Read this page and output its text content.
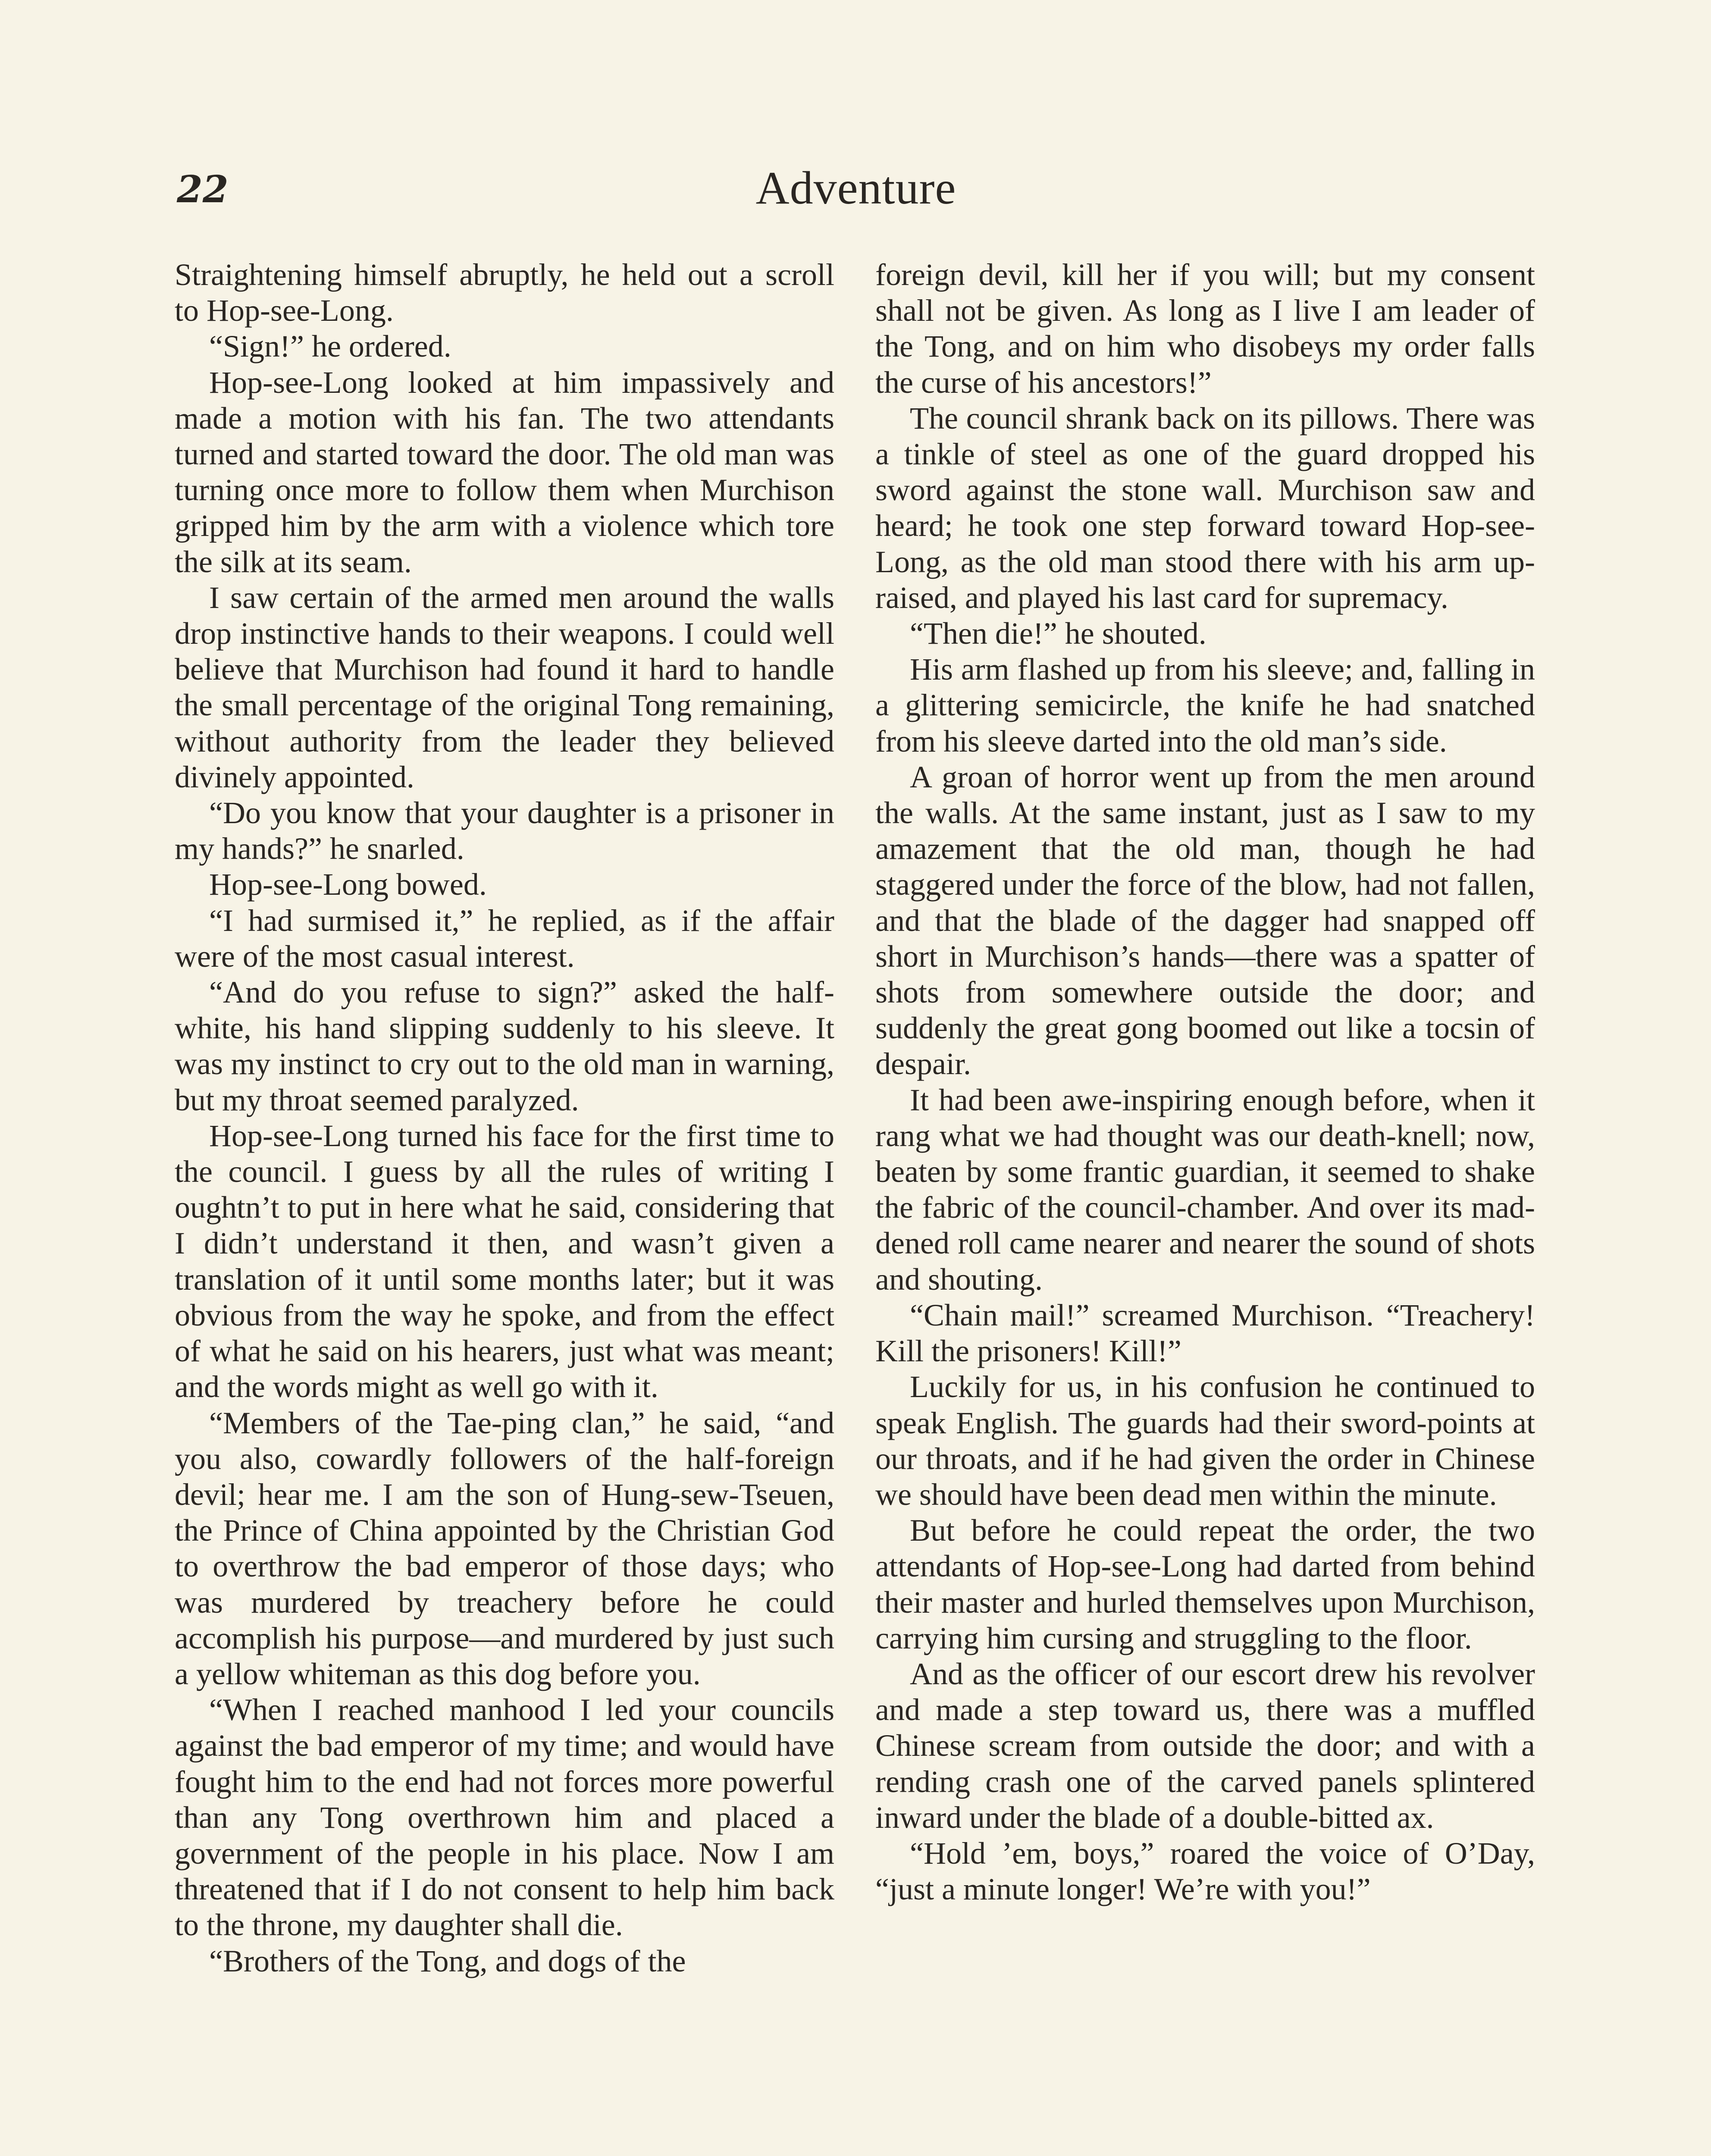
22	Adventure

Straightening himself abruptly, he held out a scroll to Hop-see-Long.

“Sign!” he ordered.

Hop-see-Long looked at him impassively and made a motion with his fan. The two attendants turned and started toward the door. The old man was turning once more to follow them when Murchison gripped him by the arm with a violence which tore the silk at its seam.

I saw certain of the armed men around the walls drop instinctive hands to their weapons. I could well believe that Murchison had found it hard to handle the small percentage of the original Tong remaining, without authority from the leader they believed divinely appointed.

“Do you know that your daughter is a prisoner in my hands?” he snarled.

Hop-see-Long bowed.

“I had surmised it,” he replied, as if the affair were of the most casual interest.

“And do you refuse to sign?” asked the half-white, his hand slipping suddenly to his sleeve. It was my instinct to cry out to the old man in warning, but my throat seemed paralyzed.

Hop-see-Long turned his face for the first time to the council. I guess by all the rules of writing I oughtn’t to put in here what he said, considering that I didn’t understand it then, and wasn’t given a translation of it until some months later; but it was obvious from the way he spoke, and from the effect of what he said on his hearers, just what was meant; and the words might as well go with it.

“Members of the Tae-ping clan,” he said, “and you also, cowardly followers of the half-foreign devil; hear me. I am the son of Hung-sew-Tseuen, the Prince of China appointed by the Christian God to overthrow the bad emperor of those days; who was murdered by treachery before he could accomplish his purpose—and murdered by just such a yellow whiteman as this dog before you.

“When I reached manhood I led your councils against the bad emperor of my time; and would have fought him to the end had not forces more powerful than any Tong overthrown him and placed a government of the people in his place. Now I am threatened that if I do not consent to help him back to the throne, my daughter shall die.

“Brothers of the Tong, and dogs of the

foreign devil, kill her if you will; but my consent shall not be given. As long as I live I am leader of the Tong, and on him who disobeys my order falls the curse of his ancestors!”

The council shrank back on its pillows. There was a tinkle of steel as one of the guard dropped his sword against the stone wall. Murchison saw and heard; he took one step forward toward Hop-see-Long, as the old man stood there with his arm upraised, and played his last card for supremacy.

“Then die!” he shouted.

His arm flashed up from his sleeve; and, falling in a glittering semicircle, the knife he had snatched from his sleeve darted into the old man’s side.

A groan of horror went up from the men around the walls. At the same instant, just as I saw to my amazement that the old man, though he had staggered under the force of the blow, had not fallen, and that the blade of the dagger had snapped off short in Murchison’s hands—there was a spatter of shots from somewhere outside the door; and suddenly the great gong boomed out like a tocsin of despair.

It had been awe-inspiring enough before, when it rang what we had thought was our death-knell; now, beaten by some frantic guardian, it seemed to shake the fabric of the council-chamber. And over its maddened roll came nearer and nearer the sound of shots and shouting.

“Chain mail!” screamed Murchison. “Treachery! Kill the prisoners! Kill!”

Luckily for us, in his confusion he continued to speak English. The guards had their sword-points at our throats, and if he had given the order in Chinese we should have been dead men within the minute.

But before he could repeat the order, the two attendants of Hop-see-Long had darted from behind their master and hurled themselves upon Murchison, carrying him cursing and struggling to the floor.

And as the officer of our escort drew his revolver and made a step toward us, there was a muffled Chinese scream from outside the door; and with a rending crash one of the carved panels splintered inward under the blade of a double-bitted ax.

“Hold ’em, boys,” roared the voice of O’Day, “just a minute longer! We’re with you!”
